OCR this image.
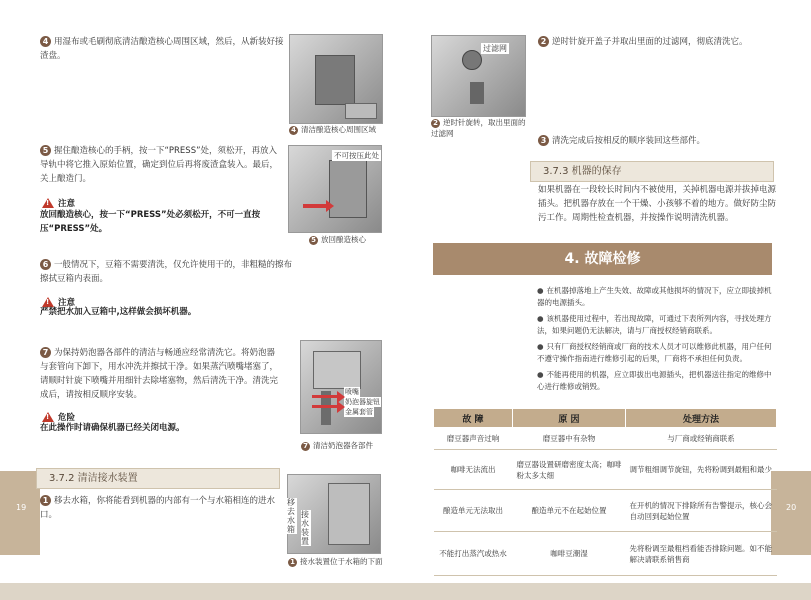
19
4 用湿布或毛刷彻底清洁酿造核心周围区域，然后，从新装好接渣盘。
4 清洁酿造核心周围区域
5 握住酿造核心的手柄，按一下“PRESS”处，须松开，再放入导轨中将它推入原始位置，确定到位后再将废渣盒装入。最后，关上酿造门。
不可按压此处
5 放回酿造核心
! 注意
放回酿造核心，按一下“PRESS”处必须松开，不可一直按压“PRESS”处。
6 一般情况下，豆箱不需要清洗，仅允许使用干的，非粗糙的擦布擦拭豆箱内表面。
! 注意
严禁把水加入豆箱中,这样做会损坏机器。
7 为保持奶泡器各部件的清洁与畅通应经常清洗它。将奶泡器与套管向下卸下，用水冲洗并擦拭干净。如果蒸汽喷嘴堵塞了，请顺时针旋下喷嘴并用细针去除堵塞物，然后清洗干净。清洗完成后，请按相反顺序安装。	喷嘴
奶泡器旋钮
金属套管
7 清洁奶泡器各部件
! 危险
在此操作时请确保机器已经关闭电源。
3.7.2 清洁接水装置
1 移去水箱，你将能看到机器的内部有一个与水箱相连的进水口。
移去水箱
接水装置
1 接水装置位于水箱的下面
20
过滤网
2 逆时针旋转，取出里面的过滤网
2 逆时针旋开盖子并取出里面的过滤网，彻底清洗它。
3 清洗完成后按相反的顺序装回这些部件。
3.7.3 机器的保存
如果机器在一段较长时间内不被使用，关掉机器电源并拔掉电源插头。把机器存放在一个干燥、小孩够不着的地方。做好防尘防污工作。周期性检查机器，并按操作说明清洗机器。
4. 故障检修
● 在机器掉落地上产生失效、故障或其他损坏的情况下，应立即拔掉机器的电源插头。
● 该机器使用过程中，若出现故障，可通过下表所列内容，寻找处理方法，如果问题仍无法解决，请与厂商授权经销商联系。
● 只有厂商授权经销商或厂商的技术人员才可以维修此机器，用户任何不遵守操作指南进行维修引起的后果，厂商将不承担任何负责。
● 不能再使用的机器，应立即拔出电源插头，把机器送往指定的维修中心进行维修或销毁。
故 障	原 因	处理方法
磨豆器声音过响	磨豆器中有杂物	与厂商或经销商联系
咖啡无法流出	磨豆器设置研磨密度太高；咖啡粉太多太细	调节粗细调节旋钮，先将粉调到最粗和最少
酿造单元无法取出	酿造单元不在起始位置	在开机的情况下排除所有告警提示，核心会自动回到起始位置
不能打出蒸汽或热水	咖啡豆潮湿	先将粉调至最粗档看能否排除问题。如不能解决请联系销售商
